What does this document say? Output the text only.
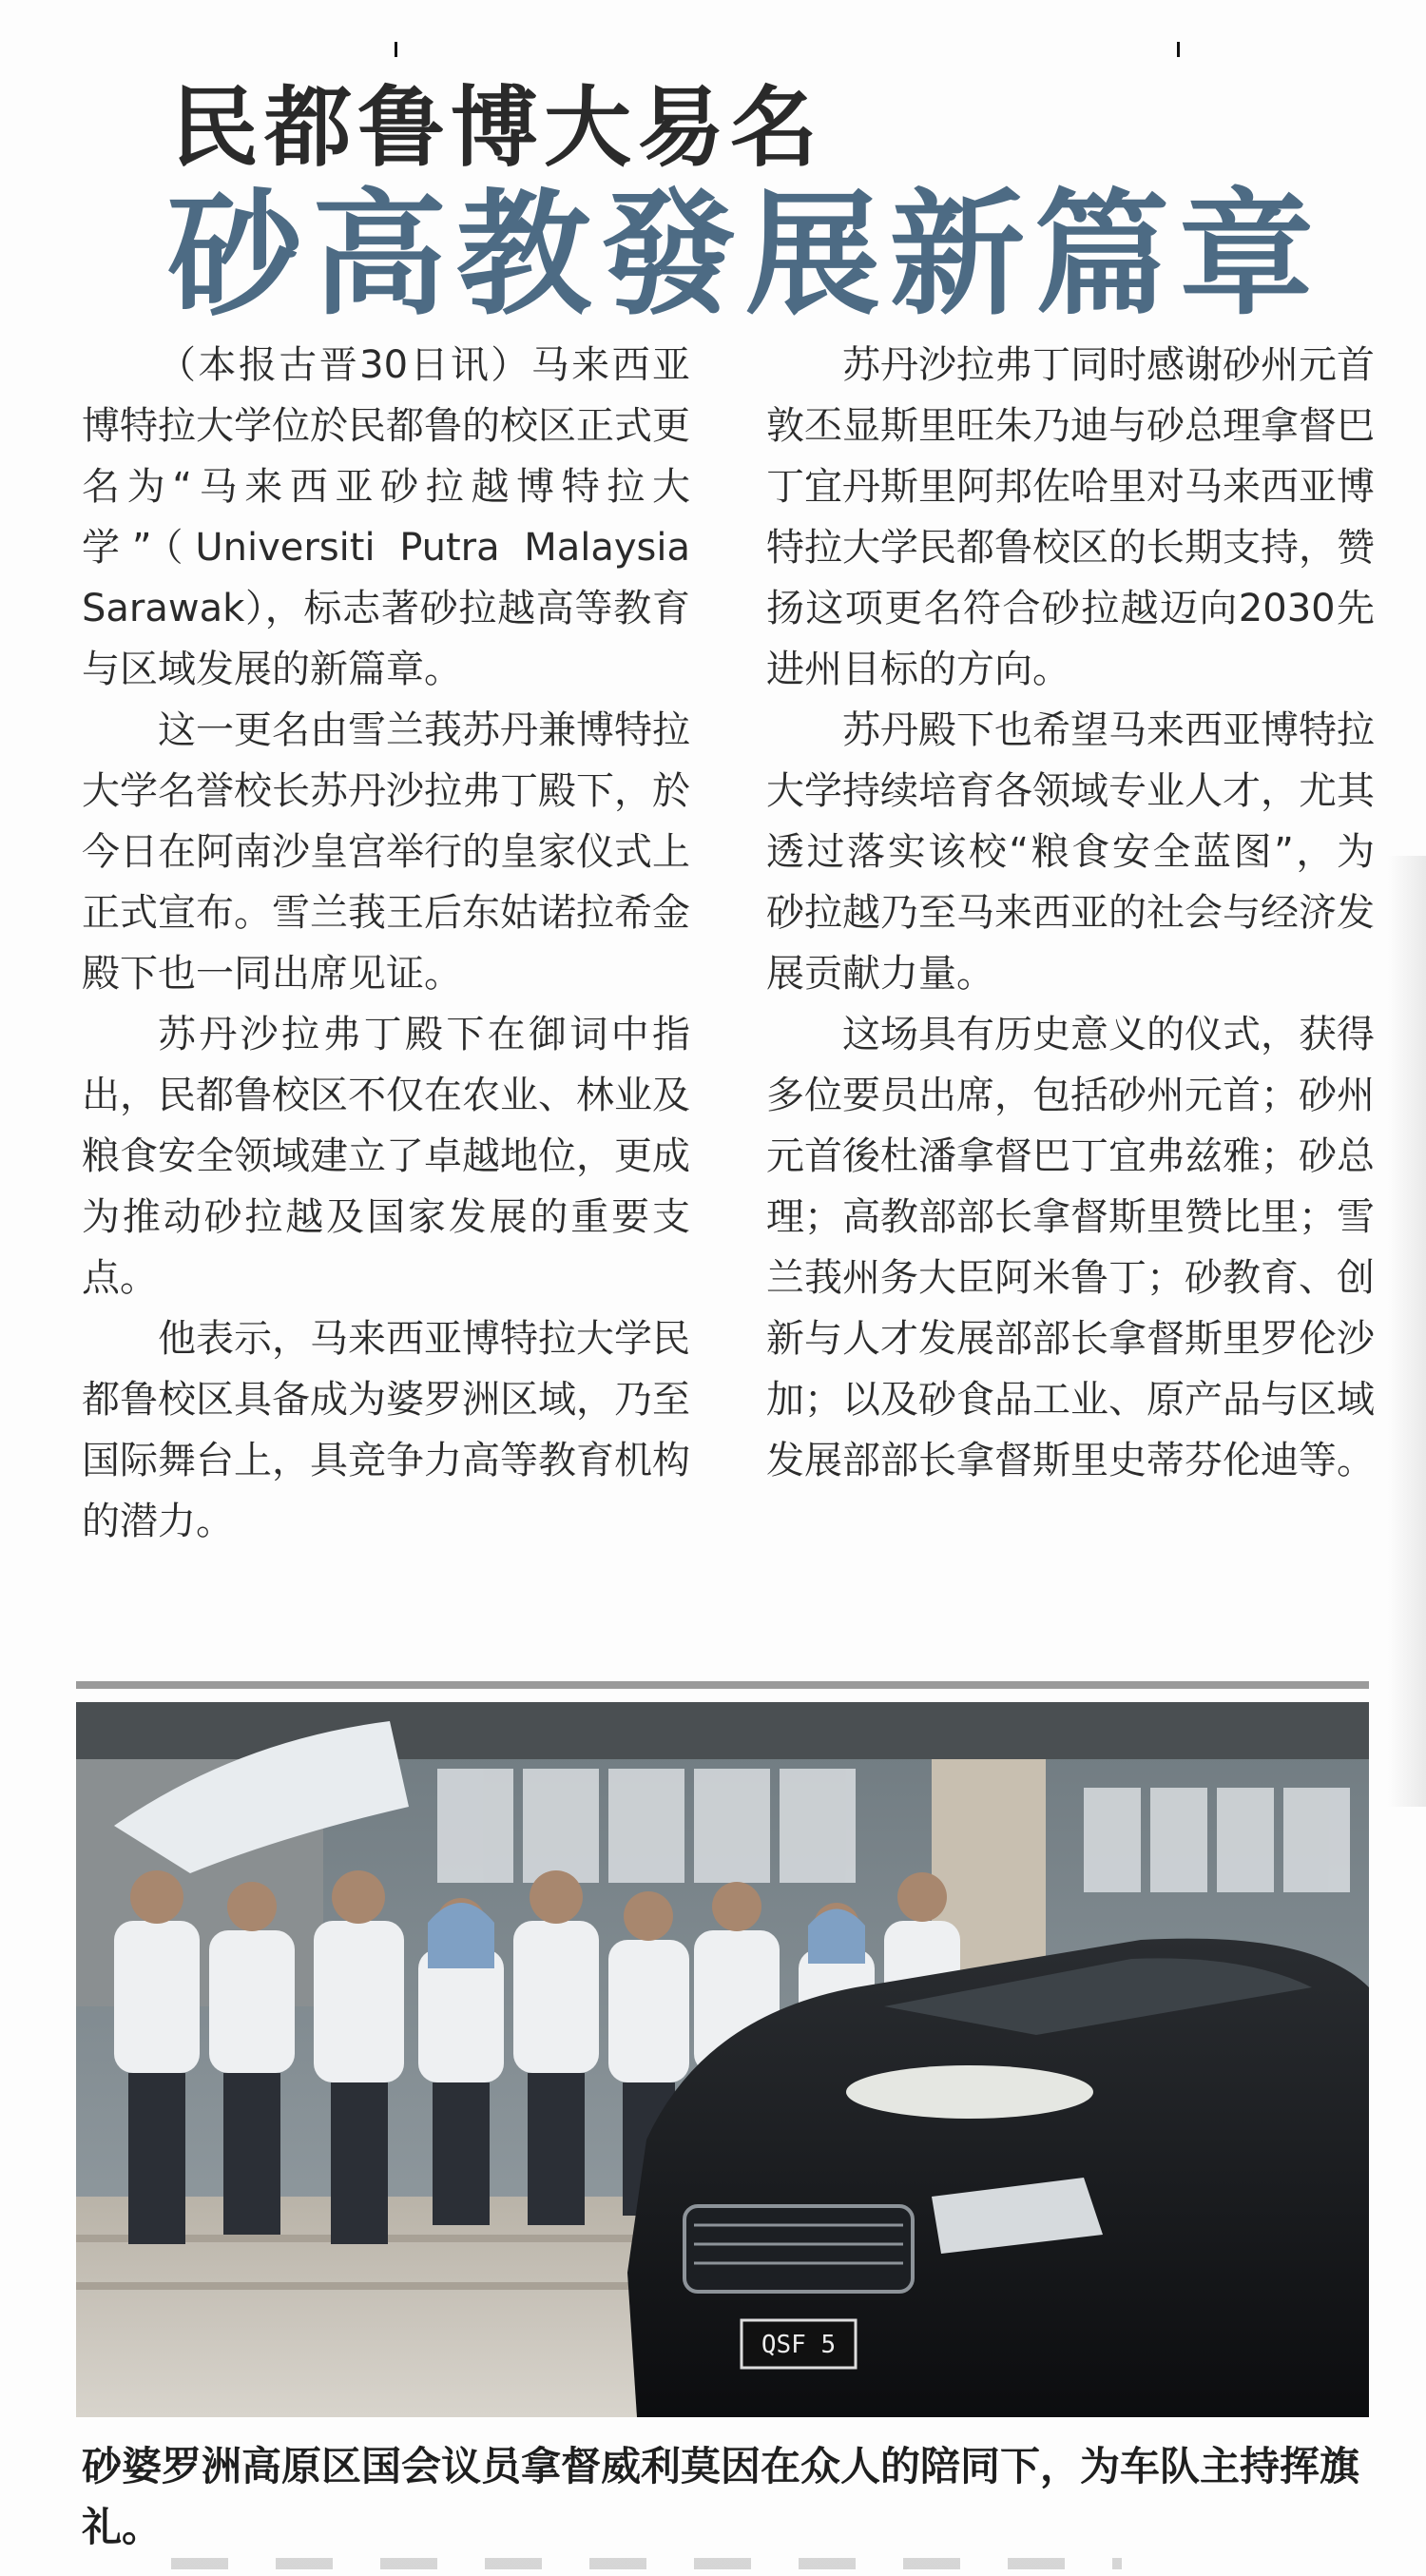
民都鲁博大易名
砂高教發展新篇章

（本报古晋30日讯）马来西亚博特拉大学位於民都鲁的校区正式更名为“马来西亚砂拉越博特拉大学”（Universiti Putra Malaysia Sarawak），标志著砂拉越高等教育与区域发展的新篇章。

这一更名由雪兰莪苏丹兼博特拉大学名誉校长苏丹沙拉弗丁殿下，於今日在阿南沙皇宫举行的皇家仪式上正式宣布。雪兰莪王后东姑诺拉希金殿下也一同出席见证。

苏丹沙拉弗丁殿下在御词中指出，民都鲁校区不仅在农业、林业及粮食安全领域建立了卓越地位，更成为推动砂拉越及国家发展的重要支点。

他表示，马来西亚博特拉大学民都鲁校区具备成为婆罗洲区域，乃至国际舞台上，具竞争力高等教育机构的潜力。

苏丹沙拉弗丁同时感谢砂州元首敦丕显斯里旺朱乃迪与砂总理拿督巴丁宜丹斯里阿邦佐哈里对马来西亚博特拉大学民都鲁校区的长期支持，赞扬这项更名符合砂拉越迈向2030先进州目标的方向。

苏丹殿下也希望马来西亚博特拉大学持续培育各领域专业人才，尤其透过落实该校“粮食安全蓝图”，为砂拉越乃至马来西亚的社会与经济发展贡献力量。

这场具有历史意义的仪式，获得多位要员出席，包括砂州元首；砂州元首後杜潘拿督巴丁宜弗兹雅；砂总理；高教部部长拿督斯里赞比里；雪兰莪州务大臣阿米鲁丁；砂教育、创新与人才发展部部长拿督斯里罗伦沙加；以及砂食品工业、原产品与区域发展部部长拿督斯里史蒂芬伦迪等。

QSF 5
砂婆罗洲高原区国会议员拿督威利莫因在众人的陪同下，为车队主持挥旗礼。
